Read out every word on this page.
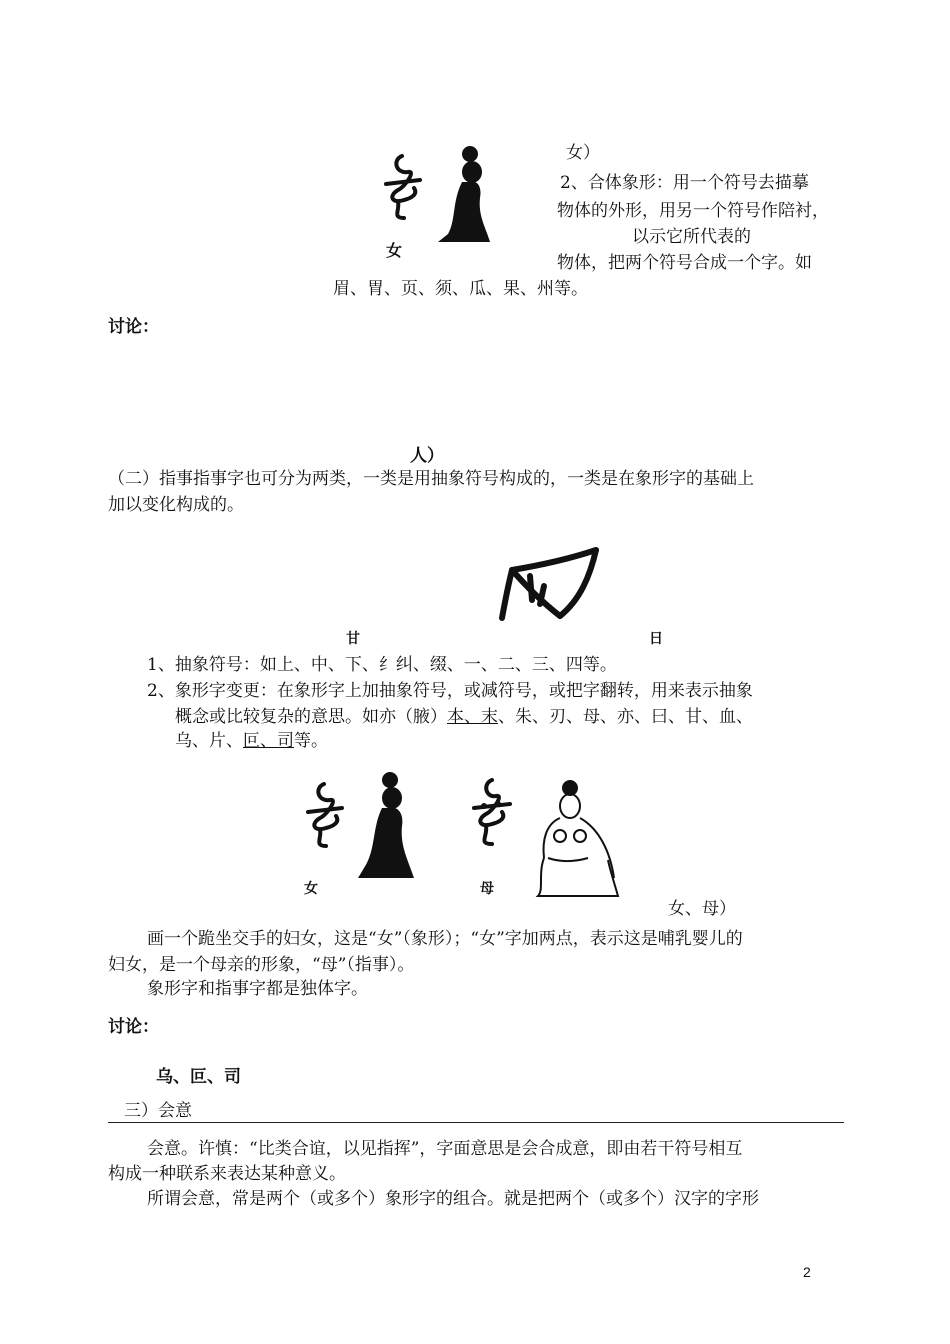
女
女）
2、合体象形：用一个符号去描摹
物体的外形，用另一个符号作陪衬，
以示它所代表的
物体，把两个符号合成一个字。如
眉、胃、页、须、瓜、果、州等。
讨论：
人）
（二）指事指事字也可分为两类，一类是用抽象符号构成的，一类是在象形字的基础上
加以变化构成的。
甘	日
1、抽象符号：如上、中、下、纟纠、缀、一、二、三、四等。
2、象形字变更：在象形字上加抽象符号，或减符号，或把字翻转，用来表示抽象
概念或比较复杂的意思。如亦（腋）本、末、朱、刃、母、亦、曰、甘、血、
乌、片、叵、司等。
女	母
女、母）
画一个跪坐交手的妇女，这是“女”（象形）；“女”字加两点，表示这是哺乳婴儿的
妇女，是一个母亲的形象，“母”（指事）。
象形字和指事字都是独体字。
讨论：
乌、叵、司
三）会意
会意。许慎：“比类合谊，以见指挥”，字面意思是会合成意，即由若干符号相互
构成一种联系来表达某种意义。
所谓会意，常是两个（或多个）象形字的组合。就是把两个（或多个）汉字的字形
2
